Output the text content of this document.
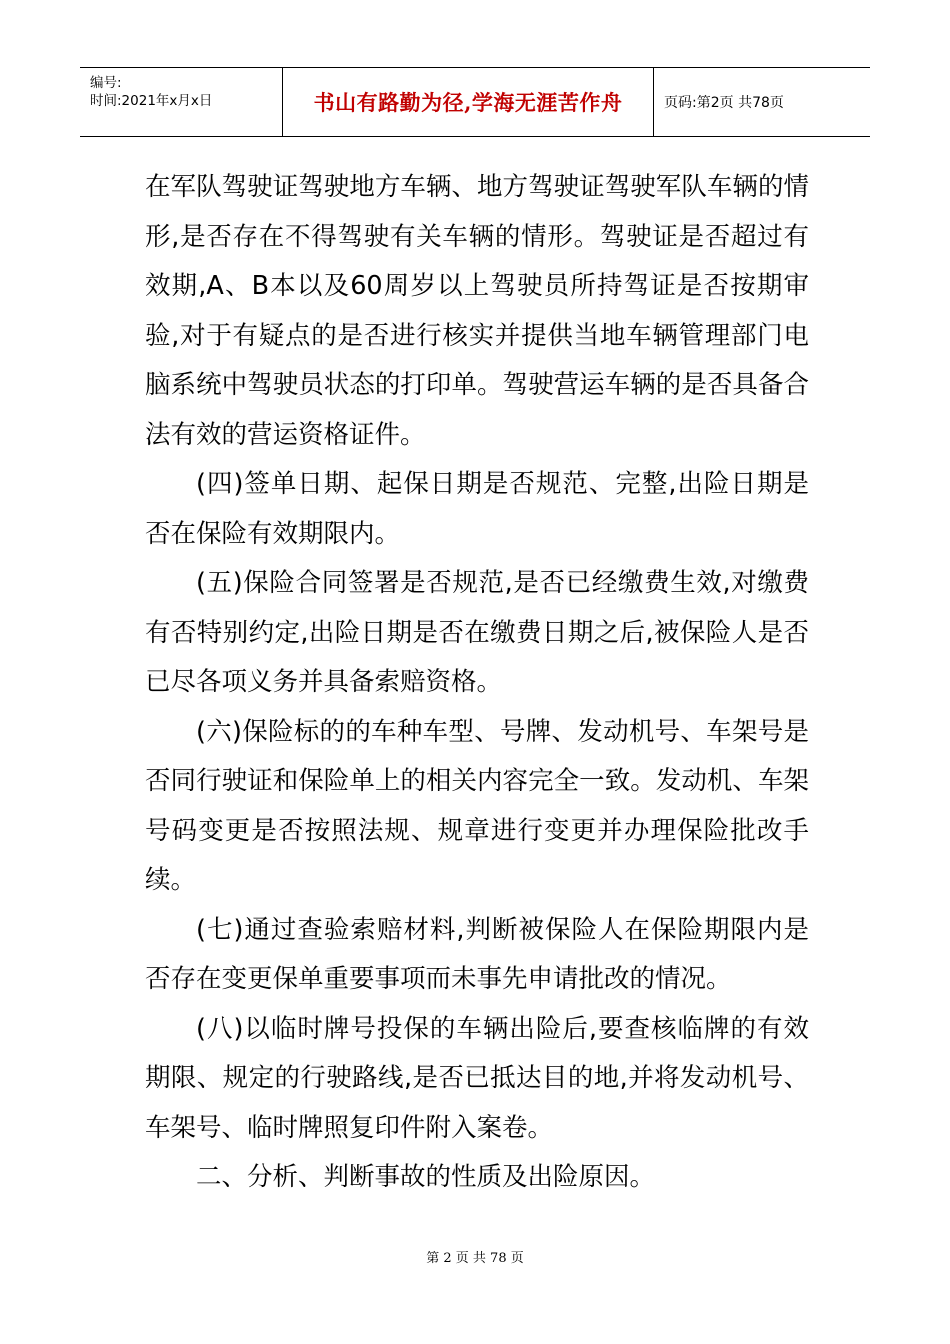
编号:
时间:2021年x月x日	书山有路勤为径,学海无涯苦作舟	页码:第2页 共78页

在军队驾驶证驾驶地方车辆、地方驾驶证驾驶军队车辆的情形,是否存在不得驾驶有关车辆的情形。驾驶证是否超过有效期,A、B本以及60周岁以上驾驶员所持驾证是否按期审验,对于有疑点的是否进行核实并提供当地车辆管理部门电脑系统中驾驶员状态的打印单。驾驶营运车辆的是否具备合法有效的营运资格证件。

(四)签单日期、起保日期是否规范、完整,出险日期是否在保险有效期限内。

(五)保险合同签署是否规范,是否已经缴费生效,对缴费有否特别约定,出险日期是否在缴费日期之后,被保险人是否已尽各项义务并具备索赔资格。

(六)保险标的的车种车型、号牌、发动机号、车架号是否同行驶证和保险单上的相关内容完全一致。发动机、车架号码变更是否按照法规、规章进行变更并办理保险批改手续。

(七)通过查验索赔材料,判断被保险人在保险期限内是否存在变更保单重要事项而未事先申请批改的情况。

(八)以临时牌号投保的车辆出险后,要查核临牌的有效期限、规定的行驶路线,是否已抵达目的地,并将发动机号、车架号、临时牌照复印件附入案卷。

二、分析、判断事故的性质及出险原因。

第 2 页 共 78 页
